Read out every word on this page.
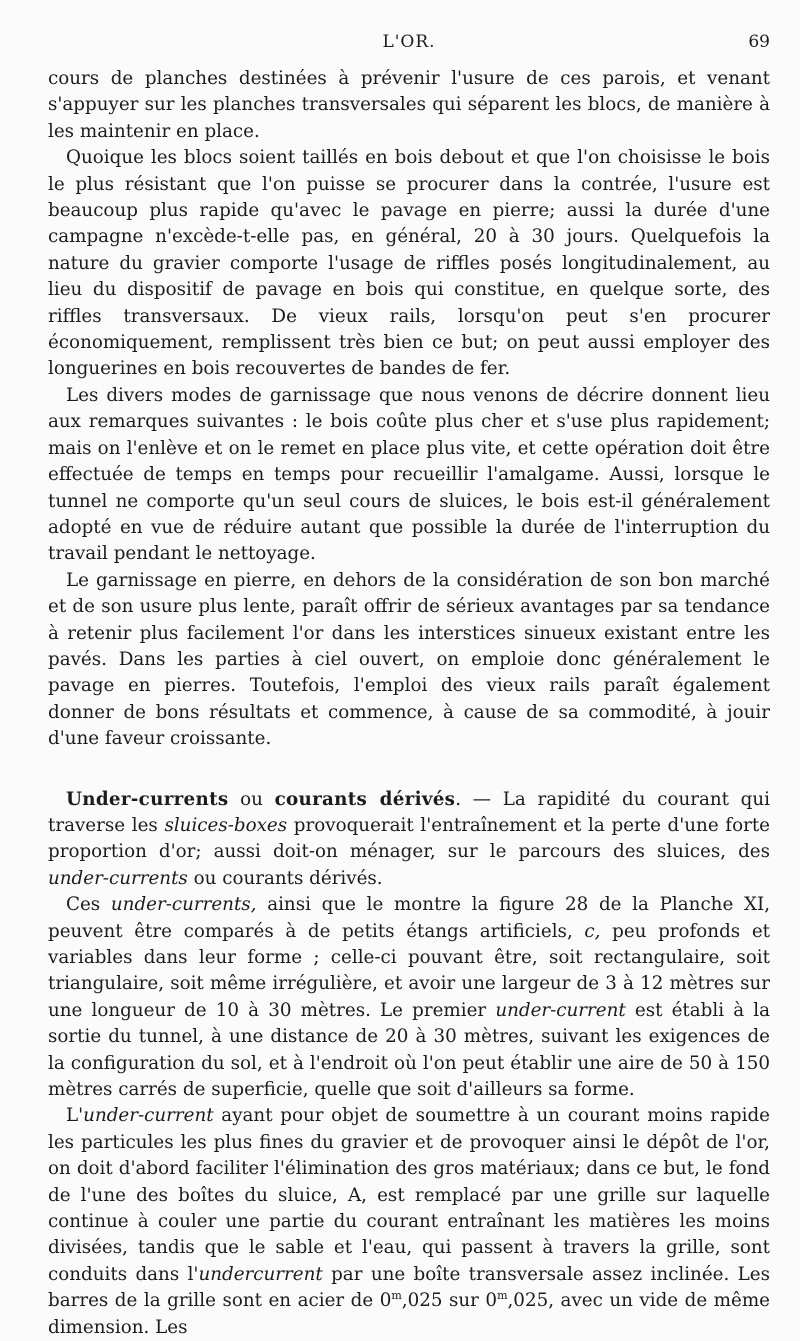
L'OR.	69

cours de planches destinées à prévenir l'usure de ces parois, et venant s'appuyer sur les planches transversales qui séparent les blocs, de manière à les maintenir en place.

Quoique les blocs soient taillés en bois debout et que l'on choisisse le bois le plus résistant que l'on puisse se procurer dans la contrée, l'usure est beaucoup plus rapide qu'avec le pavage en pierre; aussi la durée d'une campagne n'excède-t-elle pas, en général, 20 à 30 jours. Quelquefois la nature du gravier comporte l'usage de riffles posés longitudinalement, au lieu du dispositif de pavage en bois qui constitue, en quelque sorte, des riffles transversaux. De vieux rails, lorsqu'on peut s'en procurer économiquement, remplissent très bien ce but; on peut aussi employer des longuerines en bois recouvertes de bandes de fer.

Les divers modes de garnissage que nous venons de décrire donnent lieu aux remarques suivantes : le bois coûte plus cher et s'use plus rapidement; mais on l'enlève et on le remet en place plus vite, et cette opération doit être effectuée de temps en temps pour recueillir l'amalgame. Aussi, lorsque le tunnel ne comporte qu'un seul cours de sluices, le bois est-il généralement adopté en vue de réduire autant que possible la durée de l'interruption du travail pendant le nettoyage.

Le garnissage en pierre, en dehors de la considération de son bon marché et de son usure plus lente, paraît offrir de sérieux avantages par sa tendance à retenir plus facilement l'or dans les interstices sinueux existant entre les pavés. Dans les parties à ciel ouvert, on emploie donc généralement le pavage en pierres. Toutefois, l'emploi des vieux rails paraît également donner de bons résultats et commence, à cause de sa commodité, à jouir d'une faveur croissante.

Under-currents ou courants dérivés. — La rapidité du courant qui traverse les sluices-boxes provoquerait l'entraînement et la perte d'une forte proportion d'or; aussi doit-on ménager, sur le parcours des sluices, des under-currents ou courants dérivés.

Ces under-currents, ainsi que le montre la figure 28 de la Planche XI, peuvent être comparés à de petits étangs artificiels, c, peu profonds et variables dans leur forme ; celle-ci pouvant être, soit rectangulaire, soit triangulaire, soit même irrégulière, et avoir une largeur de 3 à 12 mètres sur une longueur de 10 à 30 mètres. Le premier under-current est établi à la sortie du tunnel, à une distance de 20 à 30 mètres, suivant les exigences de la configuration du sol, et à l'endroit où l'on peut établir une aire de 50 à 150 mètres carrés de superficie, quelle que soit d'ailleurs sa forme.

L'under-current ayant pour objet de soumettre à un courant moins rapide les particules les plus fines du gravier et de provoquer ainsi le dépôt de l'or, on doit d'abord faciliter l'élimination des gros matériaux; dans ce but, le fond de l'une des boîtes du sluice, A, est remplacé par une grille sur laquelle continue à couler une partie du courant entraînant les matières les moins divisées, tandis que le sable et l'eau, qui passent à travers la grille, sont conduits dans l'undercurrent par une boîte transversale assez inclinée. Les barres de la grille sont en acier de 0$^m$,025 sur 0$^m$,025, avec un vide de même dimension. Les
